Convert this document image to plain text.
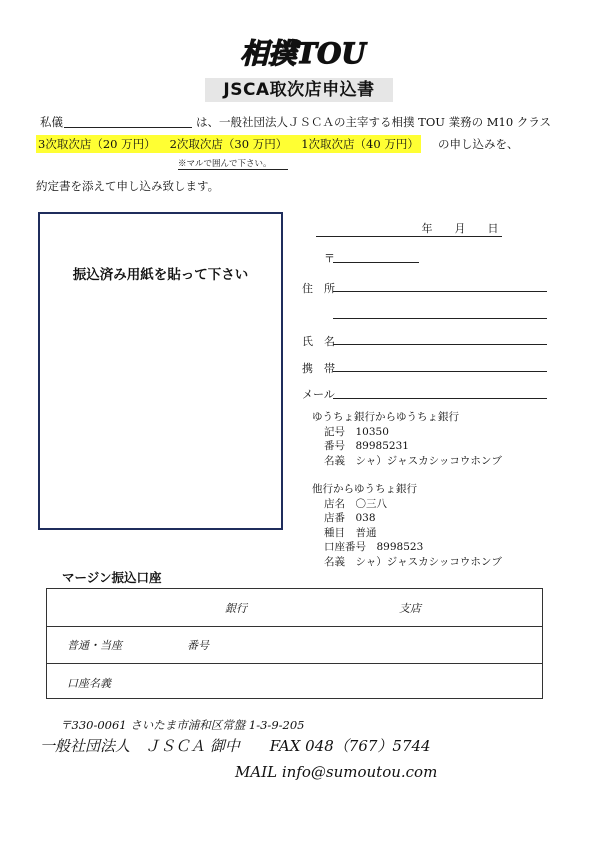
相撲TOU
JSCA取次店申込書
私儀	は、一般社団法人ＪＳＣＡの主宰する相撲 TOU 業務の M10 クラス
3次取次店（20 万円） 2次取次店（30 万円） 1次取次店（40 万円） の申し込みを、
※マルで囲んで下さい。
約定書を添えて申し込み致します。
振込済み用紙を貼って下さい
年　　月　　日
〒
住　所
氏　名
携　帯
メール
ゆうちょ銀行からゆうちょ銀行
記号　10350
番号　89985231
名義　シャ）ジャスカシッコウホンブ
他行からゆうちょ銀行
店名　〇三八
店番　038
種目　普通
口座番号　8998523
名義　シャ）ジャスカシッコウホンブ
マージン振込口座
銀行	支店
普通・当座	番号
口座名義
〒330-0061 さいたま市浦和区常盤 1-3-9-205
一般社団法人　ＪＳＣＡ 御中　　FAX 048（767）5744
MAIL info@sumoutou.com
